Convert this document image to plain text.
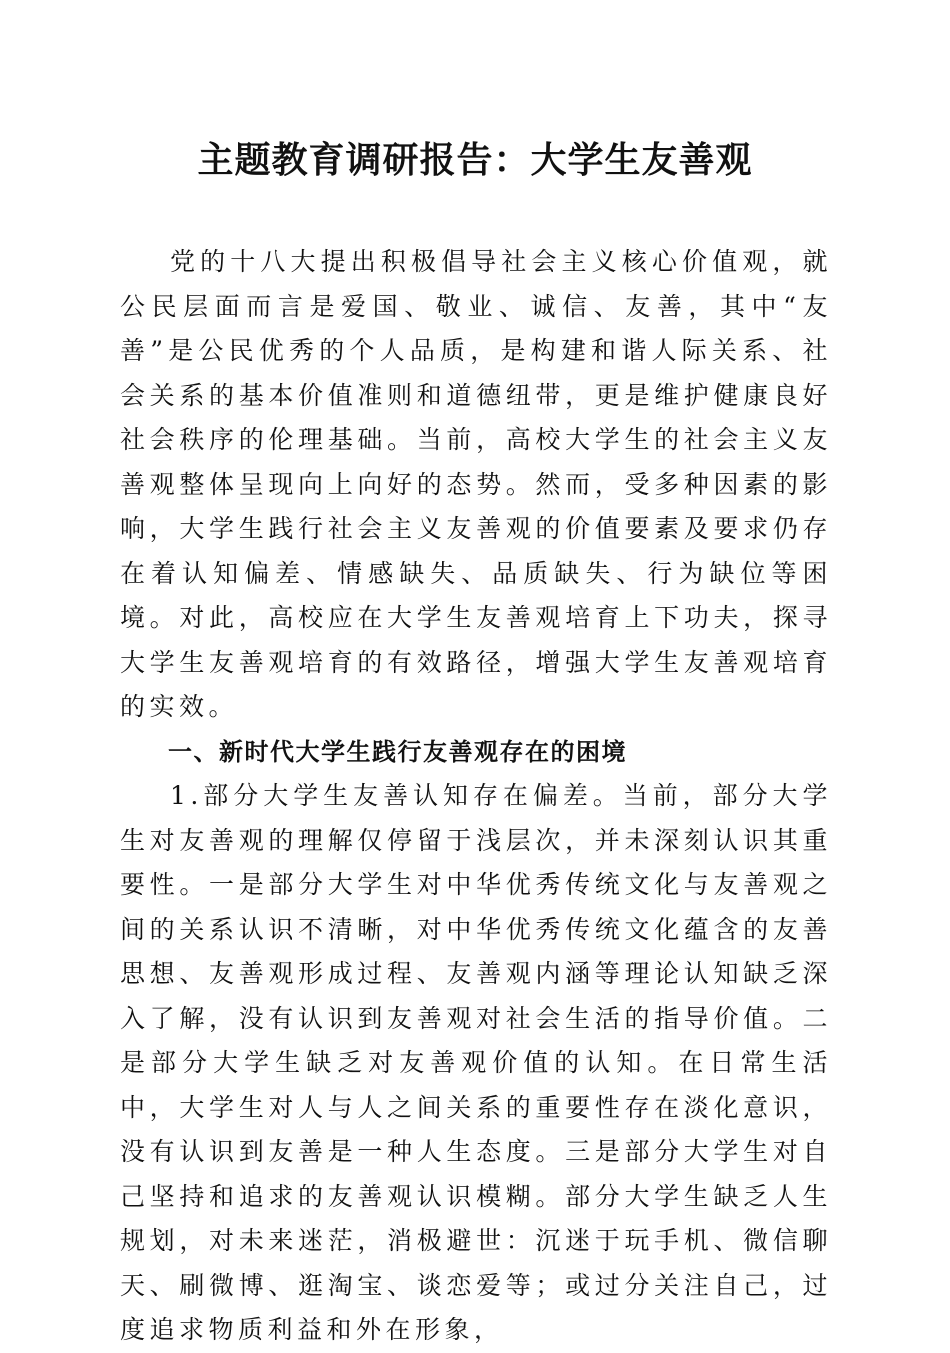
主题教育调研报告：大学生友善观

党的十八大提出积极倡导社会主义核心价值观，就公民层面而言是爱国、敬业、诚信、友善，其中“友善”是公民优秀的个人品质，是构建和谐人际关系、社会关系的基本价值准则和道德纽带，更是维护健康良好社会秩序的伦理基础。当前，高校大学生的社会主义友善观整体呈现向上向好的态势。然而，受多种因素的影响，大学生践行社会主义友善观的价值要素及要求仍存在着认知偏差、情感缺失、品质缺失、行为缺位等困境。对此，高校应在大学生友善观培育上下功夫，探寻大学生友善观培育的有效路径，增强大学生友善观培育的实效。

一、新时代大学生践行友善观存在的困境

1.部分大学生友善认知存在偏差。当前，部分大学生对友善观的理解仅停留于浅层次，并未深刻认识其重要性。一是部分大学生对中华优秀传统文化与友善观之间的关系认识不清晰，对中华优秀传统文化蕴含的友善思想、友善观形成过程、友善观内涵等理论认知缺乏深入了解，没有认识到友善观对社会生活的指导价值。二是部分大学生缺乏对友善观价值的认知。在日常生活中，大学生对人与人之间关系的重要性存在淡化意识，没有认识到友善是一种人生态度。三是部分大学生对自己坚持和追求的友善观认识模糊。部分大学生缺乏人生规划，对未来迷茫，消极避世：沉迷于玩手机、微信聊天、刷微博、逛淘宝、谈恋爱等；或过分关注自己，过度追求物质利益和外在形象，
